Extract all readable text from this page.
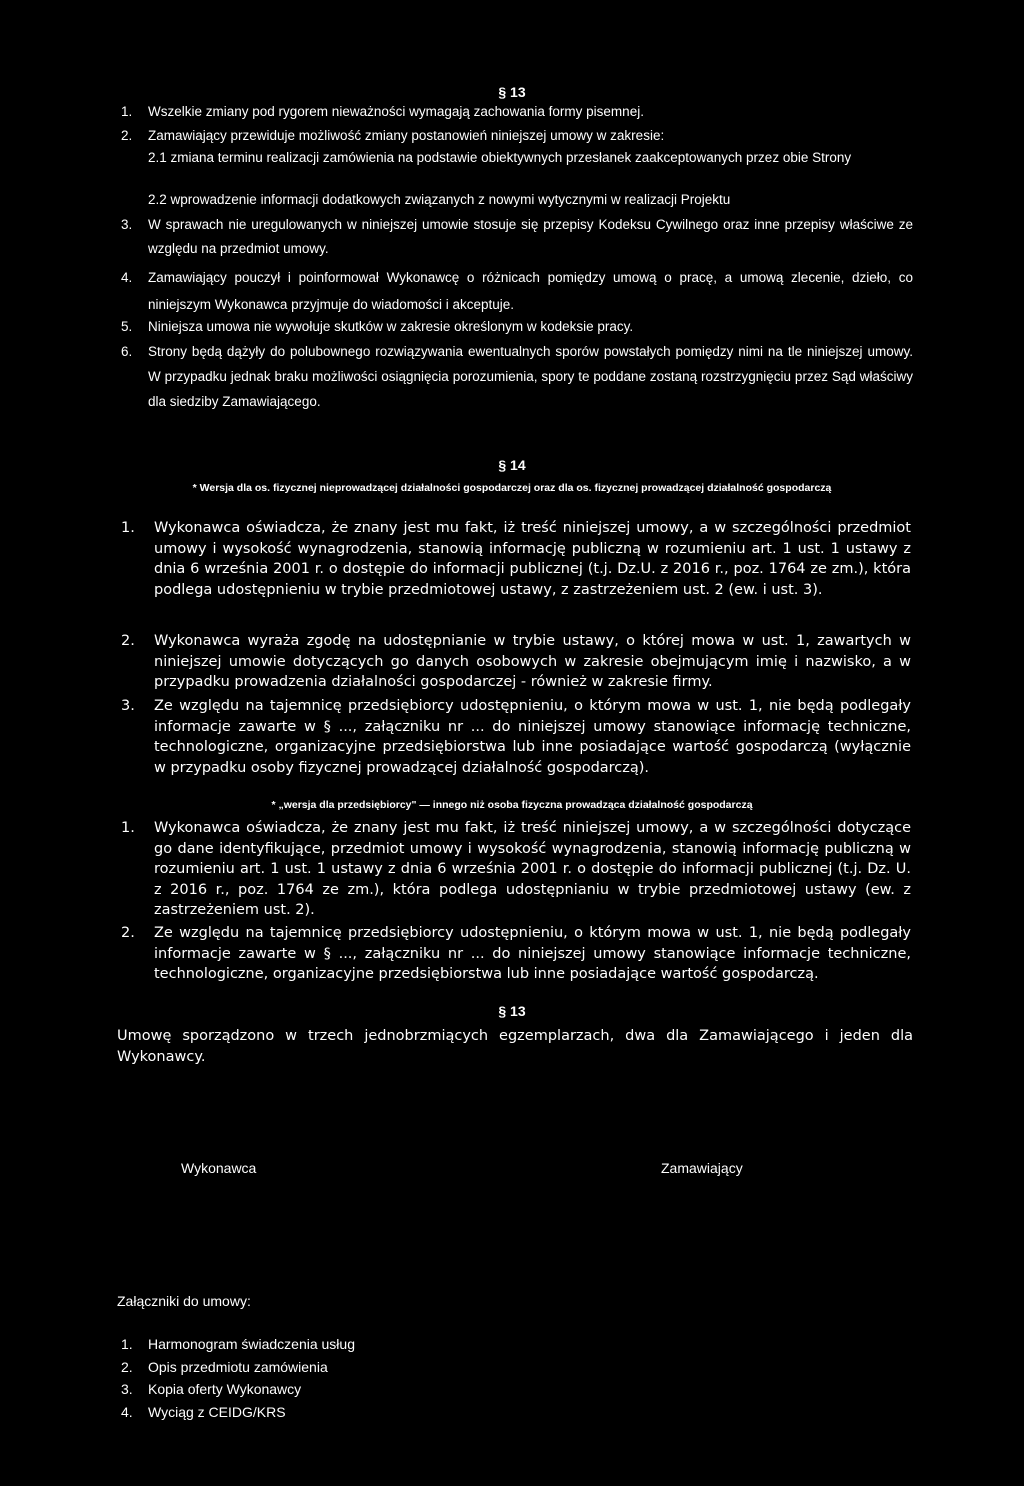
§ 13
1. Wszelkie zmiany pod rygorem nieważności wymagają zachowania formy pisemnej.
2. Zamawiający przewiduje możliwość zmiany postanowień niniejszej umowy w zakresie:
2.1 zmiana terminu realizacji zamówienia na podstawie obiektywnych przesłanek zaakceptowanych przez obie Strony
2.2 wprowadzenie informacji dodatkowych związanych z nowymi wytycznymi w realizacji Projektu
3. W sprawach nie uregulowanych w niniejszej umowie stosuje się przepisy Kodeksu Cywilnego oraz inne przepisy właściwe ze względu na przedmiot umowy.
4. Zamawiający pouczył i poinformował Wykonawcę o różnicach pomiędzy umową o pracę, a umową zlecenie, dzieło, co niniejszym Wykonawca przyjmuje do wiadomości i akceptuje.
5. Niniejsza umowa nie wywołuje skutków w zakresie określonym w kodeksie pracy.
6. Strony będą dążyły do polubownego rozwiązywania ewentualnych sporów powstałych pomiędzy nimi na tle niniejszej umowy. W przypadku jednak braku możliwości osiągnięcia porozumienia, spory te poddane zostaną rozstrzygnięciu przez Sąd właściwy dla siedziby Zamawiającego.
§ 14
* Wersja dla os. fizycznej nieprowadzącej działalności gospodarczej oraz dla os. fizycznej prowadzącej działalność gospodarczą
1. Wykonawca oświadcza, że znany jest mu fakt, iż treść niniejszej umowy, a w szczególności przedmiot umowy i wysokość wynagrodzenia, stanowią informację publiczną w rozumieniu art. 1 ust. 1 ustawy z dnia 6 września 2001 r. o dostępie do informacji publicznej (t.j. Dz.U. z 2016 r., poz. 1764 ze zm.), która podlega udostępnieniu w trybie przedmiotowej ustawy, z zastrzeżeniem ust. 2 (ew. i ust. 3).
2. Wykonawca wyraża zgodę na udostępnianie w trybie ustawy, o której mowa w ust. 1, zawartych w niniejszej umowie dotyczących go danych osobowych w zakresie obejmującym imię i nazwisko, a w przypadku prowadzenia działalności gospodarczej - również w zakresie firmy.
3. Ze względu na tajemnicę przedsiębiorcy udostępnieniu, o którym mowa w ust. 1, nie będą podlegały informacje zawarte w § ..., załączniku nr ... do niniejszej umowy stanowiące informację techniczne, technologiczne, organizacyjne przedsiębiorstwa lub inne posiadające wartość gospodarczą (wyłącznie w przypadku osoby fizycznej prowadzącej działalność gospodarczą).
* „wersja dla przedsiębiorcy" — innego niż osoba fizyczna prowadząca działalność gospodarczą
1. Wykonawca oświadcza, że znany jest mu fakt, iż treść niniejszej umowy, a w szczególności dotyczące go dane identyfikujące, przedmiot umowy i wysokość wynagrodzenia, stanowią informację publiczną w rozumieniu art. 1 ust. 1 ustawy z dnia 6 września 2001 r. o dostępie do informacji publicznej (t.j. Dz. U. z 2016 r., poz. 1764 ze zm.), która podlega udostępnianiu w trybie przedmiotowej ustawy (ew. z zastrzeżeniem ust. 2).
2. Ze względu na tajemnicę przedsiębiorcy udostępnieniu, o którym mowa w ust. 1, nie będą podlegały informacje zawarte w § ..., załączniku nr ... do niniejszej umowy stanowiące informacje techniczne, technologiczne, organizacyjne przedsiębiorstwa lub inne posiadające wartość gospodarczą.
§ 13
Umowę sporządzono w trzech jednobrzmiących egzemplarzach, dwa dla Zamawiającego i jeden dla Wykonawcy.
Wykonawca	Zamawiający
Załączniki do umowy:
1. Harmonogram świadczenia usług
2. Opis przedmiotu zamówienia
3. Kopia oferty Wykonawcy
4. Wyciąg z CEIDG/KRS
